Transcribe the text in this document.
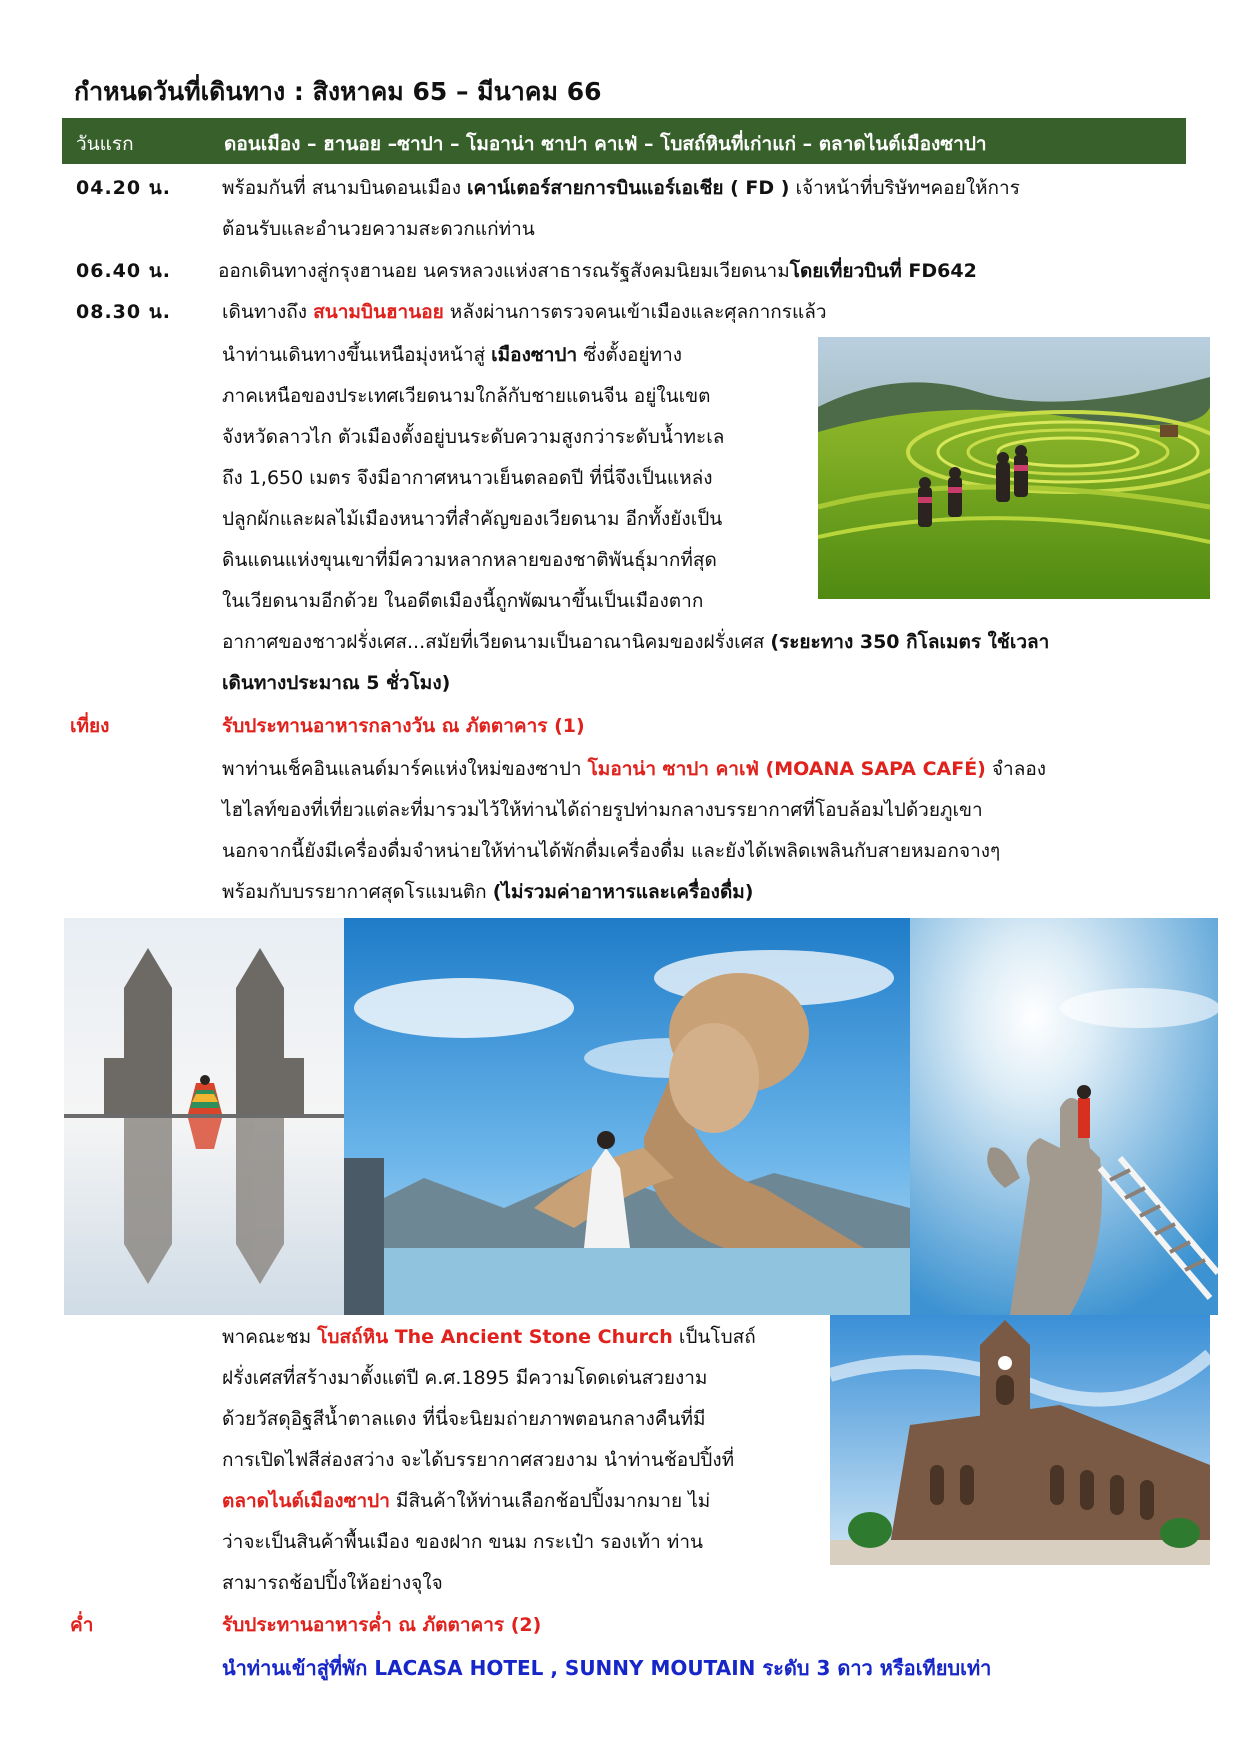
กำหนดวันที่เดินทาง : สิงหาคม 65 – มีนาคม 66
วันแรก	ดอนเมือง – ฮานอย –ซาปา – โมอาน่า ซาปา คาเฟ่ – โบสถ์หินที่เก่าแก่ – ตลาดไนต์เมืองซาปา
04.20 น.	พร้อมกันที่ สนามบินดอนเมือง เคาน์เตอร์สายการบินแอร์เอเชีย ( FD ) เจ้าหน้าที่บริษัทฯคอยให้การ
ต้อนรับและอำนวยความสะดวกแก่ท่าน
06.40 น. ออกเดินทางสู่กรุงฮานอย นครหลวงแห่งสาธารณรัฐสังคมนิยมเวียดนามโดยเที่ยวบินที่ FD642
08.30 น.	เดินทางถึง สนามบินฮานอย หลังผ่านการตรวจคนเข้าเมืองและศุลกากรแล้ว
นำท่านเดินทางขึ้นเหนือมุ่งหน้าสู่ เมืองซาปา ซึ่งตั้งอยู่ทาง
ภาคเหนือของประเทศเวียดนามใกล้กับชายแดนจีน อยู่ในเขต
จังหวัดลาวไก ตัวเมืองตั้งอยู่บนระดับความสูงกว่าระดับน้ำทะเล
ถึง 1,650 เมตร จึงมีอากาศหนาวเย็นตลอดปี ที่นี่จึงเป็นแหล่ง
ปลูกผักและผลไม้เมืองหนาวที่สำคัญของเวียดนาม อีกทั้งยังเป็น
ดินแดนแห่งขุนเขาที่มีความหลากหลายของชาติพันธุ์มากที่สุด
ในเวียดนามอีกด้วย ในอดีตเมืองนี้ถูกพัฒนาขึ้นเป็นเมืองตาก
อากาศของชาวฝรั่งเศส...สมัยที่เวียดนามเป็นอาณานิคมของฝรั่งเศส (ระยะทาง 350 กิโลเมตร ใช้เวลา
เดินทางประมาณ 5 ชั่วโมง)
เที่ยง	รับประทานอาหารกลางวัน ณ ภัตตาคาร (1)
พาท่านเช็คอินแลนด์มาร์คแห่งใหม่ของซาปา โมอาน่า ซาปา คาเฟ่ (MOANA SAPA CAFÉ) จำลอง
ไฮไลท์ของที่เที่ยวแต่ละที่มารวมไว้ให้ท่านได้ถ่ายรูปท่ามกลางบรรยากาศที่โอบล้อมไปด้วยภูเขา
นอกจากนี้ยังมีเครื่องดื่มจำหน่ายให้ท่านได้พักดื่มเครื่องดื่ม และยังได้เพลิดเพลินกับสายหมอกจางๆ
พร้อมกับบรรยากาศสุดโรแมนติก (ไม่รวมค่าอาหารและเครื่องดื่ม)
พาคณะชม โบสถ์หิน The Ancient Stone Church เป็นโบสถ์
ฝรั่งเศสที่สร้างมาตั้งแต่ปี ค.ศ.1895 มีความโดดเด่นสวยงาม
ด้วยวัสดุอิฐสีน้ำตาลแดง ที่นี่จะนิยมถ่ายภาพตอนกลางคืนที่มี
การเปิดไฟสีส่องสว่าง จะได้บรรยากาศสวยงาม นำท่านช้อปปิ้งที่
ตลาดไนต์เมืองซาปา มีสินค้าให้ท่านเลือกช้อปปิ้งมากมาย ไม่
ว่าจะเป็นสินค้าพื้นเมือง ของฝาก ขนม กระเป๋า รองเท้า ท่าน
สามารถช้อปปิ้งให้อย่างจุใจ
ค่ำ	รับประทานอาหารค่ำ ณ ภัตตาคาร (2)
นำท่านเข้าสู่ที่พัก LACASA HOTEL , SUNNY MOUTAIN ระดับ 3 ดาว หรือเทียบเท่า
